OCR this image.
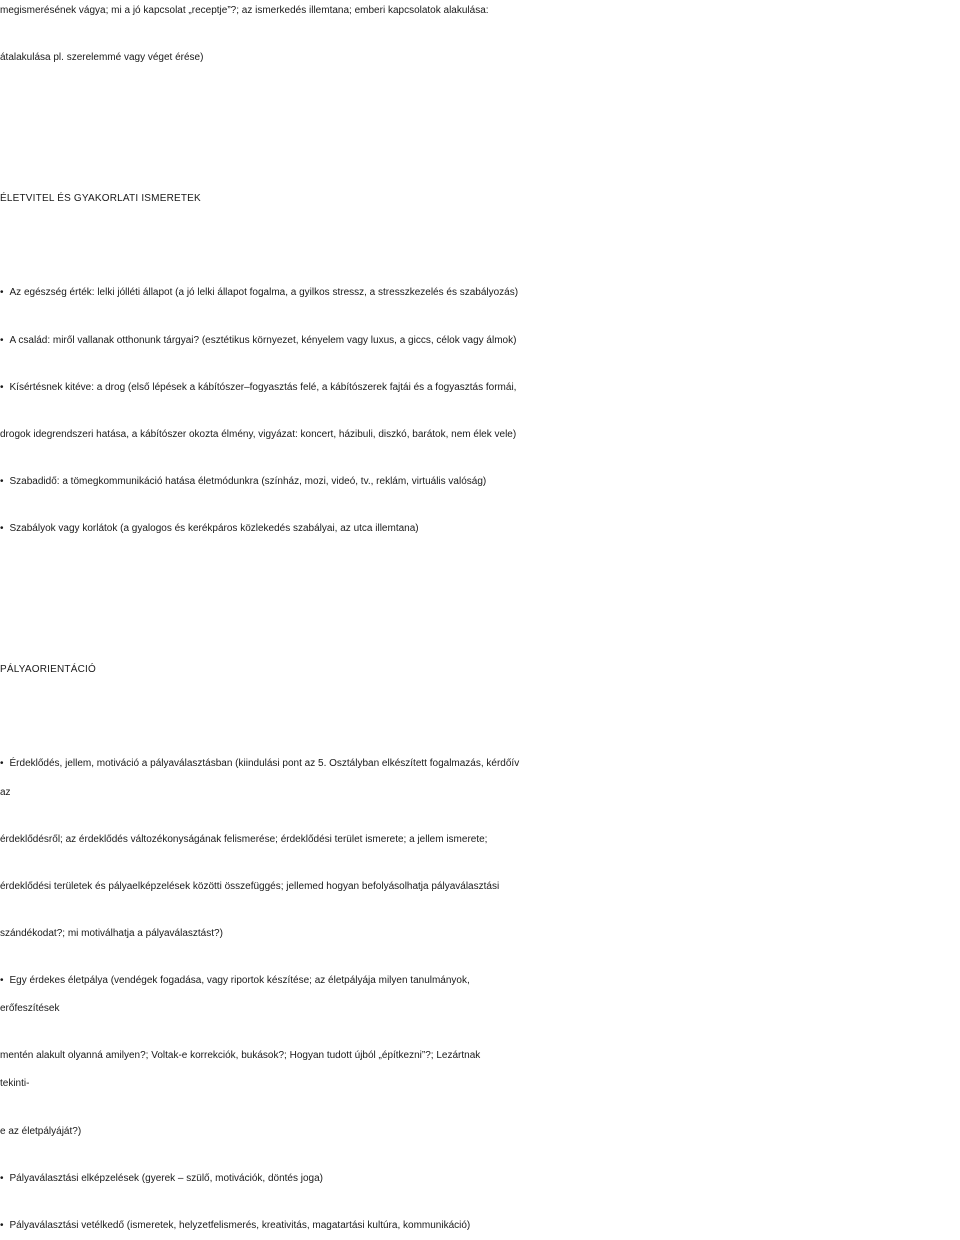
megismerésének vágya; mi a jó kapcsolat „receptje”?; az ismerkedés illemtana; emberi kapcsolatok alakulása:
átalakulása pl. szerelemmé vagy véget érése)
ÉLETVITEL ÉS GYAKORLATI ISMERETEK
• Az egészség érték: lelki jólléti állapot (a jó lelki állapot fogalma, a gyilkos stressz, a stresszkezelés és szabályozás)
• A család: miről vallanak otthonunk tárgyai? (esztétikus környezet, kényelem vagy luxus, a giccs, célok vagy álmok)
• Kísértésnek kitéve: a drog (első lépések a kábítószer–fogyasztás felé, a kábítószerek fajtái és a fogyasztás formái,
drogok idegrendszeri hatása, a kábítószer okozta élmény, vigyázat: koncert, házibuli, diszkó, barátok, nem élek vele)
• Szabadidő: a tömegkommunikáció hatása életmódunkra (színház, mozi, videó, tv., reklám, virtuális valóság)
• Szabályok vagy korlátok (a gyalogos és kerékpáros közlekedés szabályai, az utca illemtana)
PÁLYAORIENTÁCIÓ
• Érdeklődés, jellem, motiváció a pályaválasztásban (kiindulási pont az 5. Osztályban elkészített fogalmazás, kérdőív
az
érdeklődésről; az érdeklődés változékonyságának felismerése; érdeklődési terület ismerete; a jellem ismerete;
érdeklődési területek és pályaelképzelések közötti összefüggés; jellemed hogyan befolyásolhatja pályaválasztási
szándékodat?; mi motiválhatja a pályaválasztást?)
• Egy érdekes életpálya (vendégek fogadása, vagy riportok készítése; az életpályája milyen tanulmányok,
erőfeszítések
mentén alakult olyanná amilyen?; Voltak-e korrekciók, bukások?; Hogyan tudott újból „építkezni”?; Lezártnak
tekinti-
e az életpályáját?)
• Pályaválasztási elképzelések (gyerek – szülő, motivációk, döntés joga)
• Pályaválasztási vetélkedő (ismeretek, helyzetfelismerés, kreativitás, magatartási kultúra, kommunikáció)
